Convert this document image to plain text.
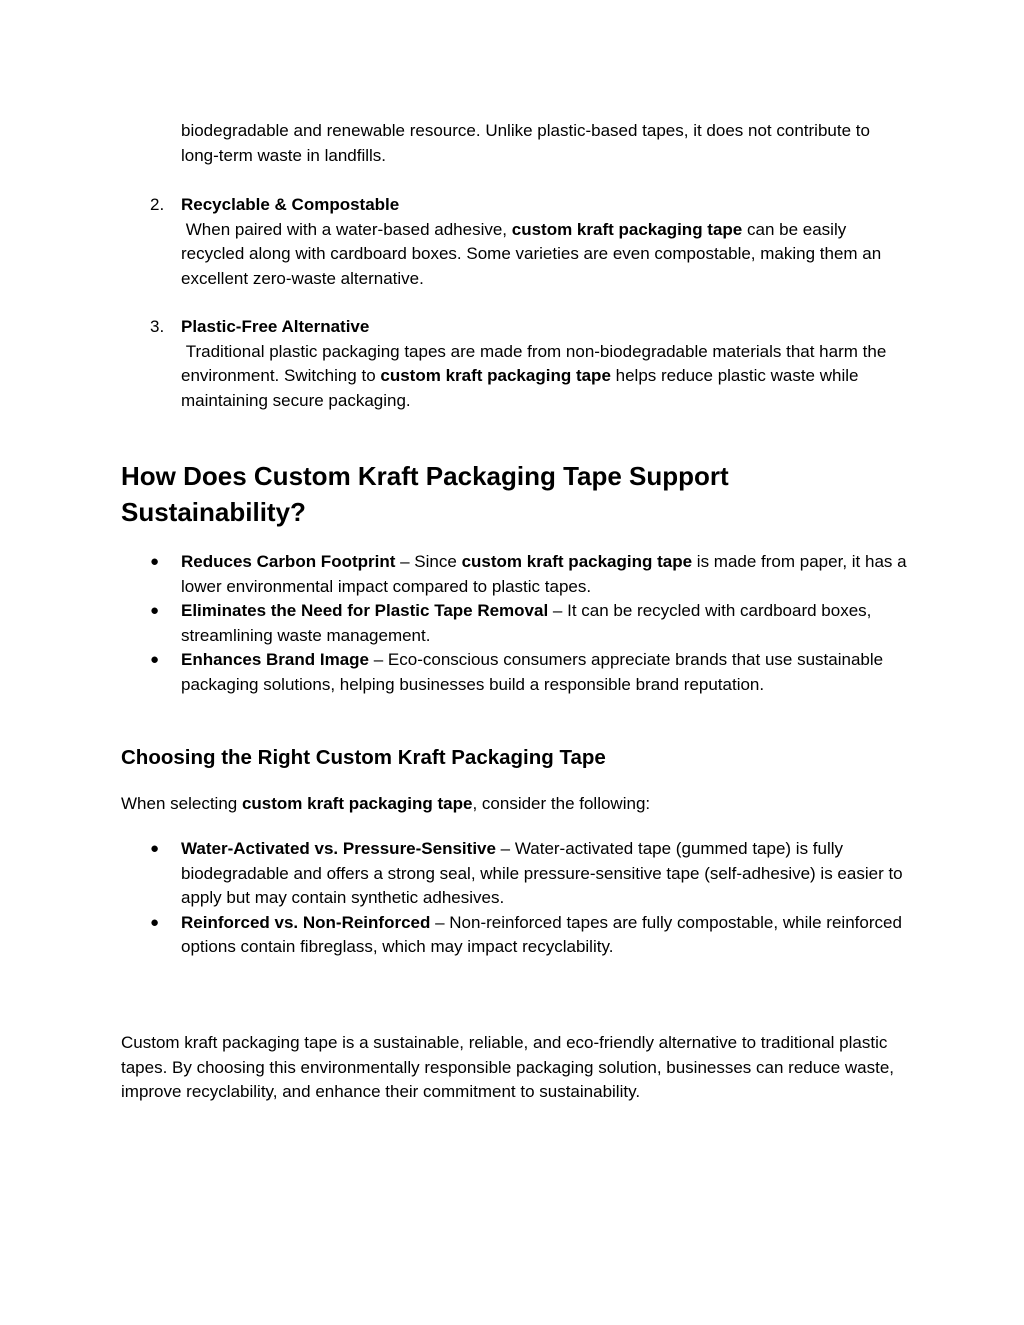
biodegradable and renewable resource. Unlike plastic-based tapes, it does not contribute to long-term waste in landfills.
2. Recyclable & Compostable
When paired with a water-based adhesive, custom kraft packaging tape can be easily recycled along with cardboard boxes. Some varieties are even compostable, making them an excellent zero-waste alternative.
3. Plastic-Free Alternative
Traditional plastic packaging tapes are made from non-biodegradable materials that harm the environment. Switching to custom kraft packaging tape helps reduce plastic waste while maintaining secure packaging.
How Does Custom Kraft Packaging Tape Support Sustainability?
●	Reduces Carbon Footprint – Since custom kraft packaging tape is made from paper, it has a lower environmental impact compared to plastic tapes.
●	Eliminates the Need for Plastic Tape Removal – It can be recycled with cardboard boxes, streamlining waste management.
●	Enhances Brand Image – Eco-conscious consumers appreciate brands that use sustainable packaging solutions, helping businesses build a responsible brand reputation.
Choosing the Right Custom Kraft Packaging Tape
When selecting custom kraft packaging tape, consider the following:
●	Water-Activated vs. Pressure-Sensitive – Water-activated tape (gummed tape) is fully biodegradable and offers a strong seal, while pressure-sensitive tape (self-adhesive) is easier to apply but may contain synthetic adhesives.
●	Reinforced vs. Non-Reinforced – Non-reinforced tapes are fully compostable, while reinforced options contain fibreglass, which may impact recyclability.
Custom kraft packaging tape is a sustainable, reliable, and eco-friendly alternative to traditional plastic tapes. By choosing this environmentally responsible packaging solution, businesses can reduce waste, improve recyclability, and enhance their commitment to sustainability.
